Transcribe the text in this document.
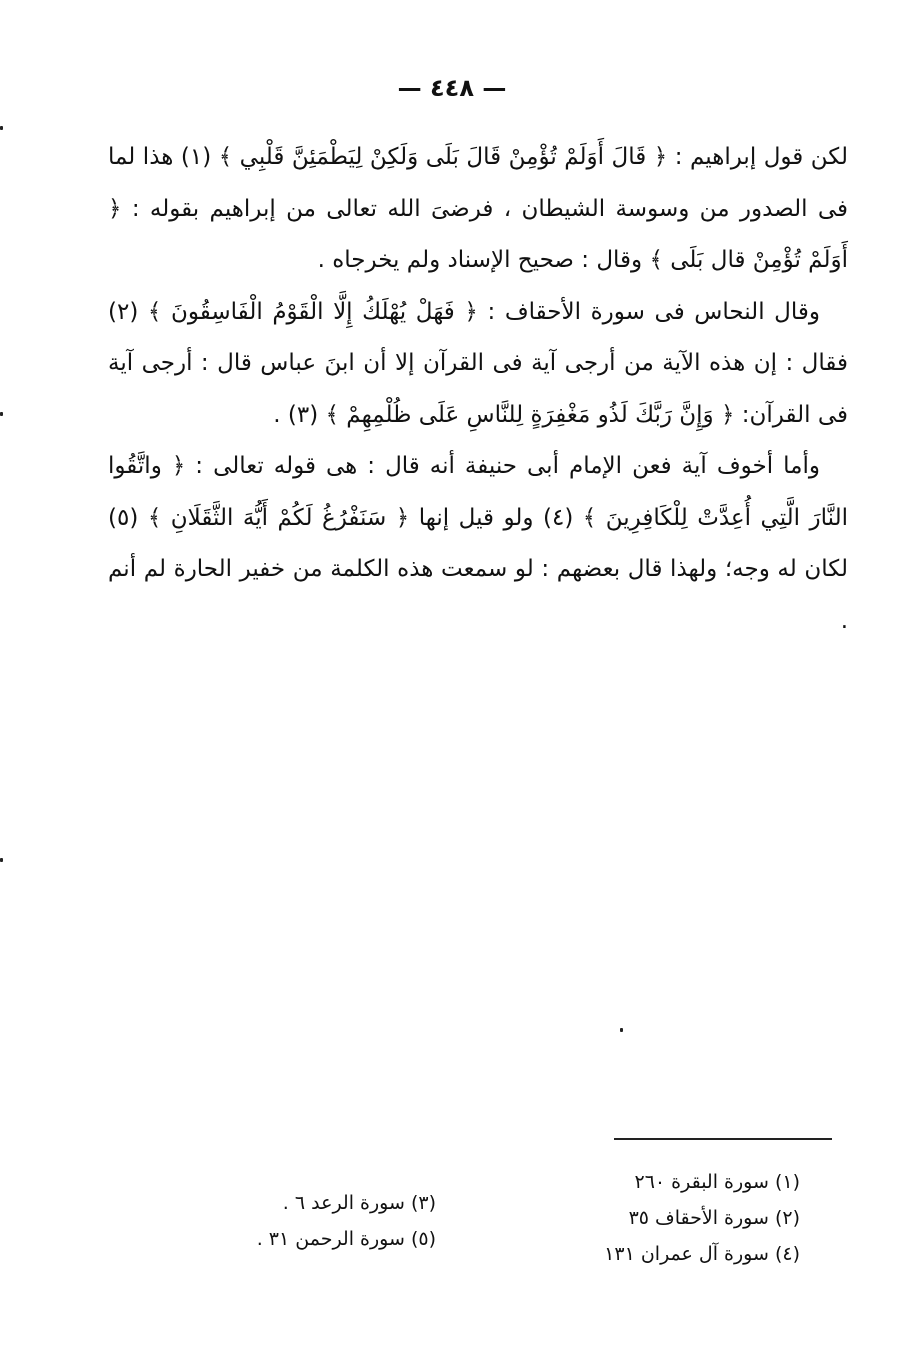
— ٤٤٨ —

لكن قول إبراهيم : ﴿ قَالَ أَوَلَمْ تُؤْمِنْ قَالَ بَلَى وَلَكِنْ لِيَطْمَئِنَّ قَلْبِي ﴾ (١) هذا لما فى الصدور من وسوسة الشيطان ، فرضىَ الله تعالى من إبراهيم بقوله : ﴿ أَوَلَمْ تُؤْمِنْ قال بَلَى ﴾ وقال : صحيح الإسناد ولم يخرجاه .

وقال النحاس فى سورة الأحقاف : ﴿ فَهَلْ يُهْلَكُ إِلَّا الْقَوْمُ الْفَاسِقُونَ ﴾ (٢) فقال : إن هذه الآية من أرجى آية فى القرآن إلا أن ابنَ عباس قال : أرجى آية فى القرآن: ﴿ وَإِنَّ رَبَّكَ لَذُو مَغْفِرَةٍ لِلنَّاسِ عَلَى ظُلْمِهِمْ ﴾ (٣) .

وأما أخوف آية فعن الإمام أبى حنيفة أنه قال : هى قوله تعالى : ﴿ واتَّقُوا النَّارَ الَّتِي أُعِدَّتْ لِلْكَافِرِينَ ﴾ (٤) ولو قيل إنها ﴿ سَنَفْرُغُ لَكُمْ أَيُّهَ الثَّقَلَانِ ﴾ (٥) لكان له وجه؛ ولهذا قال بعضهم : لو سمعت هذه الكلمة من خفير الحارة لم أنم .

(١) سورة البقرة ٢٦٠
(٢) سورة الأحقاف ٣٥
(٤) سورة آل عمران ١٣١
(٣) سورة الرعد ٦ .
(٥) سورة الرحمن ٣١ .
